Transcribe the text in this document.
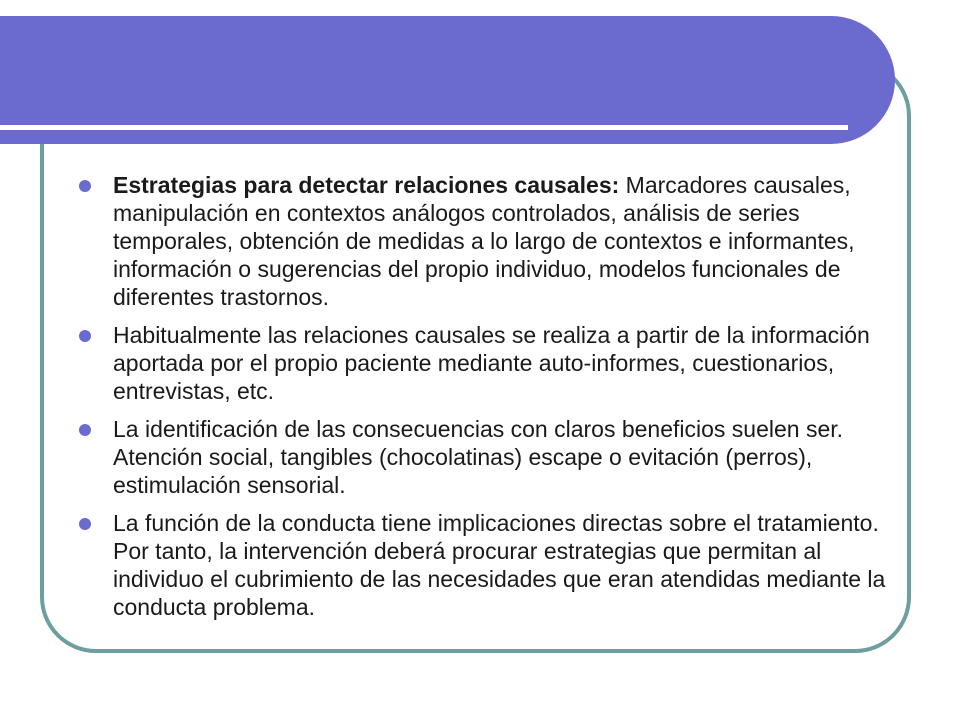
Estrategias para detectar relaciones causales: Marcadores causales, manipulación en contextos análogos controlados, análisis de series temporales, obtención de medidas a lo largo de contextos e informantes, información o sugerencias del propio individuo, modelos funcionales de diferentes trastornos.
Habitualmente las relaciones causales se realiza a partir de la información aportada por el propio paciente mediante auto-informes, cuestionarios, entrevistas, etc.
La identificación de las consecuencias con claros beneficios suelen ser. Atención social, tangibles (chocolatinas) escape o evitación (perros), estimulación sensorial.
La función de la conducta tiene implicaciones directas sobre el tratamiento. Por tanto, la intervención deberá procurar estrategias que permitan al individuo el cubrimiento de las necesidades que eran atendidas mediante la conducta problema.
